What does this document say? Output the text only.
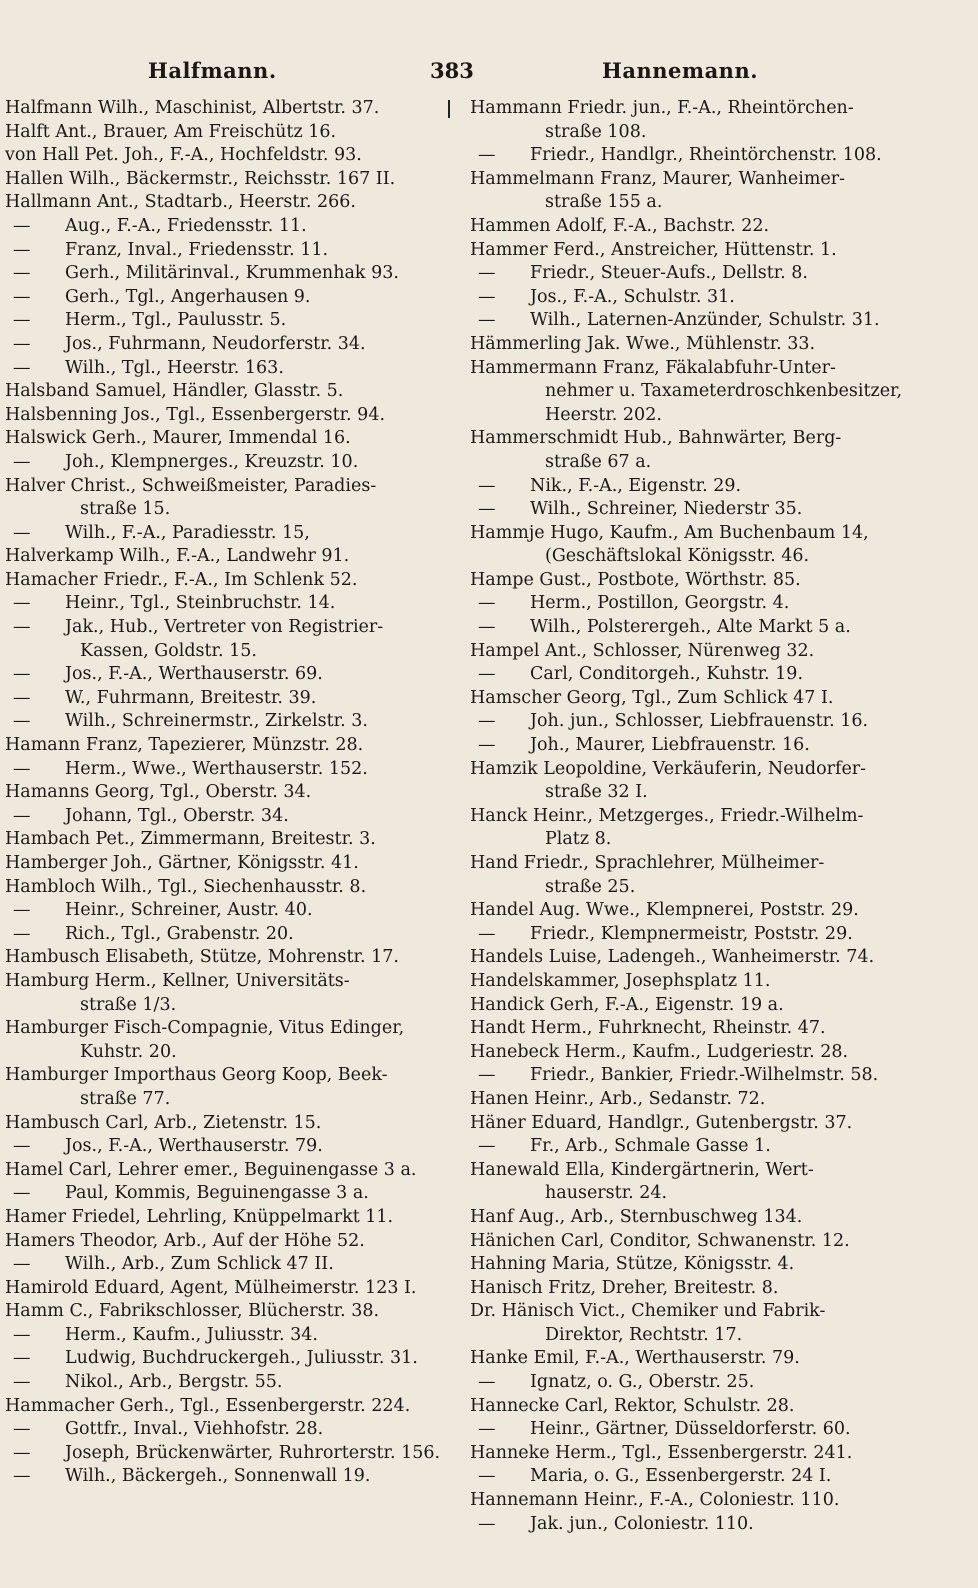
Halfmann.	383	Hannemann.
Halfmann Wilh., Maschinist, Albertstr. 37.
Halft Ant., Brauer, Am Freischütz 16.
von Hall Pet. Joh., F.-A., Hochfeldstr. 93.
Hallen Wilh., Bäckermstr., Reichsstr. 167 II.
Hallmann Ant., Stadtarb., Heerstr. 266.
— Aug., F.-A., Friedensstr. 11.
— Franz, Inval., Friedensstr. 11.
— Gerh., Militärinval., Krummenhak 93.
— Gerh., Tgl., Angerhausen 9.
— Herm., Tgl., Paulusstr. 5.
— Jos., Fuhrmann, Neudorferstr. 34.
— Wilh., Tgl., Heerstr. 163.
Halsband Samuel, Händler, Glasstr. 5.
Halsbenning Jos., Tgl., Essenbergerstr. 94.
Halswick Gerh., Maurer, Immendal 16.
— Joh., Klempnerges., Kreuzstr. 10.
Halver Christ., Schweißmeister, Paradies-
straße 15.
— Wilh., F.-A., Paradiesstr. 15,
Halverkamp Wilh., F.-A., Landwehr 91.
Hamacher Friedr., F.-A., Im Schlenk 52.
— Heinr., Tgl., Steinbruchstr. 14.
— Jak., Hub., Vertreter von Registrier-
Kassen, Goldstr. 15.
— Jos., F.-A., Werthauserstr. 69.
— W., Fuhrmann, Breitestr. 39.
— Wilh., Schreinermstr., Zirkelstr. 3.
Hamann Franz, Tapezierer, Münzstr. 28.
— Herm., Wwe., Werthauserstr. 152.
Hamanns Georg, Tgl., Oberstr. 34.
— Johann, Tgl., Oberstr. 34.
Hambach Pet., Zimmermann, Breitestr. 3.
Hamberger Joh., Gärtner, Königsstr. 41.
Hambloch Wilh., Tgl., Siechenhausstr. 8.
— Heinr., Schreiner, Austr. 40.
— Rich., Tgl., Grabenstr. 20.
Hambusch Elisabeth, Stütze, Mohrenstr. 17.
Hamburg Herm., Kellner, Universitäts-
straße 1/3.
Hamburger Fisch-Compagnie, Vitus Edinger,
Kuhstr. 20.
Hamburger Importhaus Georg Koop, Beek-
straße 77.
Hambusch Carl, Arb., Zietenstr. 15.
— Jos., F.-A., Werthauserstr. 79.
Hamel Carl, Lehrer emer., Beguinengasse 3 a.
— Paul, Kommis, Beguinengasse 3 a.
Hamer Friedel, Lehrling, Knüppelmarkt 11.
Hamers Theodor, Arb., Auf der Höhe 52.
— Wilh., Arb., Zum Schlick 47 II.
Hamirold Eduard, Agent, Mülheimerstr. 123 I.
Hamm C., Fabrikschlosser, Blücherstr. 38.
— Herm., Kaufm., Juliusstr. 34.
— Ludwig, Buchdruckergeh., Juliusstr. 31.
— Nikol., Arb., Bergstr. 55.
Hammacher Gerh., Tgl., Essenbergerstr. 224.
— Gottfr., Inval., Viehhofstr. 28.
— Joseph, Brückenwärter, Ruhrorterstr. 156.
— Wilh., Bäckergeh., Sonnenwall 19.
Hammann Friedr. jun., F.-A., Rheintörchen-
straße 108.
— Friedr., Handlgr., Rheintörchenstr. 108.
Hammelmann Franz, Maurer, Wanheimer-
straße 155 a.
Hammen Adolf, F.-A., Bachstr. 22.
Hammer Ferd., Anstreicher, Hüttenstr. 1.
— Friedr., Steuer-Aufs., Dellstr. 8.
— Jos., F.-A., Schulstr. 31.
— Wilh., Laternen-Anzünder, Schulstr. 31.
Hämmerling Jak. Wwe., Mühlenstr. 33.
Hammermann Franz, Fäkalabfuhr-Unter-
nehmer u. Taxameterdroschkenbesitzer,
Heerstr. 202.
Hammerschmidt Hub., Bahnwärter, Berg-
straße 67 a.
— Nik., F.-A., Eigenstr. 29.
— Wilh., Schreiner, Niederstr 35.
Hammje Hugo, Kaufm., Am Buchenbaum 14,
(Geschäftslokal Königsstr. 46.
Hampe Gust., Postbote, Wörthstr. 85.
— Herm., Postillon, Georgstr. 4.
— Wilh., Polsterergeh., Alte Markt 5 a.
Hampel Ant., Schlosser, Nürenweg 32.
— Carl, Conditorgeh., Kuhstr. 19.
Hamscher Georg, Tgl., Zum Schlick 47 I.
— Joh. jun., Schlosser, Liebfrauenstr. 16.
— Joh., Maurer, Liebfrauenstr. 16.
Hamzik Leopoldine, Verkäuferin, Neudorfer-
straße 32 I.
Hanck Heinr., Metzgerges., Friedr.-Wilhelm-
Platz 8.
Hand Friedr., Sprachlehrer, Mülheimer-
straße 25.
Handel Aug. Wwe., Klempnerei, Poststr. 29.
— Friedr., Klempnermeistr, Poststr. 29.
Handels Luise, Ladengeh., Wanheimerstr. 74.
Handelskammer, Josephsplatz 11.
Handick Gerh, F.-A., Eigenstr. 19 a.
Handt Herm., Fuhrknecht, Rheinstr. 47.
Hanebeck Herm., Kaufm., Ludgeriestr. 28.
— Friedr., Bankier, Friedr.-Wilhelmstr. 58.
Hanen Heinr., Arb., Sedanstr. 72.
Häner Eduard, Handlgr., Gutenbergstr. 37.
— Fr., Arb., Schmale Gasse 1.
Hanewald Ella, Kindergärtnerin, Wert-
hauserstr. 24.
Hanf Aug., Arb., Sternbuschweg 134.
Hänichen Carl, Conditor, Schwanenstr. 12.
Hahning Maria, Stütze, Königsstr. 4.
Hanisch Fritz, Dreher, Breitestr. 8.
Dr. Hänisch Vict., Chemiker und Fabrik-
Direktor, Rechtstr. 17.
Hanke Emil, F.-A., Werthauserstr. 79.
— Ignatz, o. G., Oberstr. 25.
Hannecke Carl, Rektor, Schulstr. 28.
— Heinr., Gärtner, Düsseldorferstr. 60.
Hanneke Herm., Tgl., Essenbergerstr. 241.
— Maria, o. G., Essenbergerstr. 24 I.
Hannemann Heinr., F.-A., Coloniestr. 110.
— Jak. jun., Coloniestr. 110.
